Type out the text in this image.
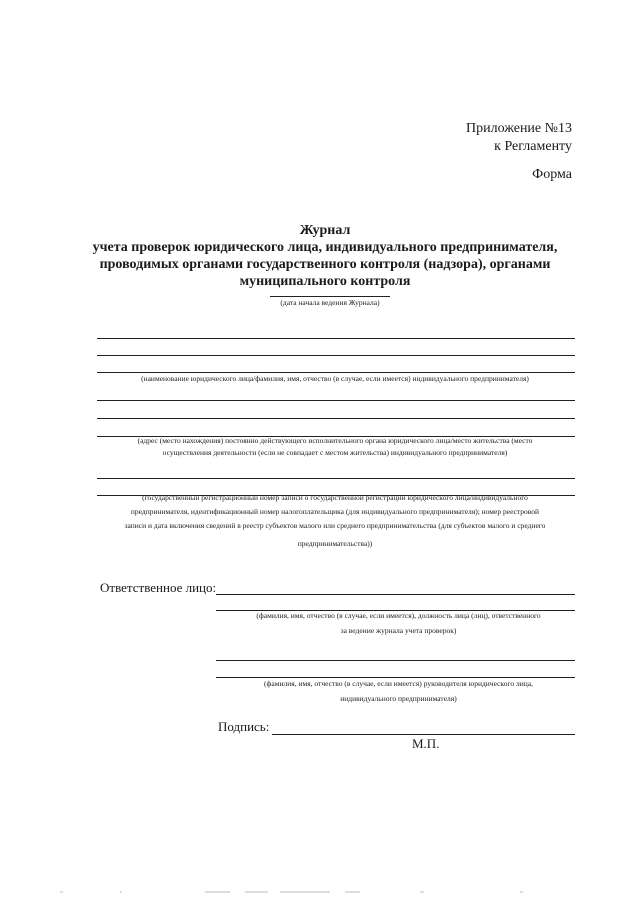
Приложение №13
к Регламенту
Форма
Журнал
учета проверок юридического лица, индивидуального предпринимателя,
проводимых органами государственного контроля (надзора), органами
муниципального контроля
(дата начала ведения Журнала)
(наименование юридического лица/фамилия, имя, отчество (в случае, если имеется) индивидуального предпринимателя)
(адрес (место нахождения) постоянно действующего исполнительного органа юридического лица/место жительства (место
осуществления деятельности (если не совпадает с местом жительства) индивидуального предпринимателя)
(государственный регистрационный номер записи о государственной регистрации юридического лица/индивидуального
предпринимателя, идентификационный номер налогоплательщика (для индивидуального предпринимателя); номер реестровой
записи и дата включения сведений в реестр субъектов малого или среднего предпринимательства (для субъектов малого и среднего
предпринимательства))
Ответственное лицо:
(фамилия, имя, отчество (в случае, если имеется), должность лица (лиц), ответственного
за ведение журнала учета проверок)
(фамилия, имя, отчество (в случае, если имеется) руководителя юридического лица,
индивидуального предпринимателя)
Подпись:
М.П.
